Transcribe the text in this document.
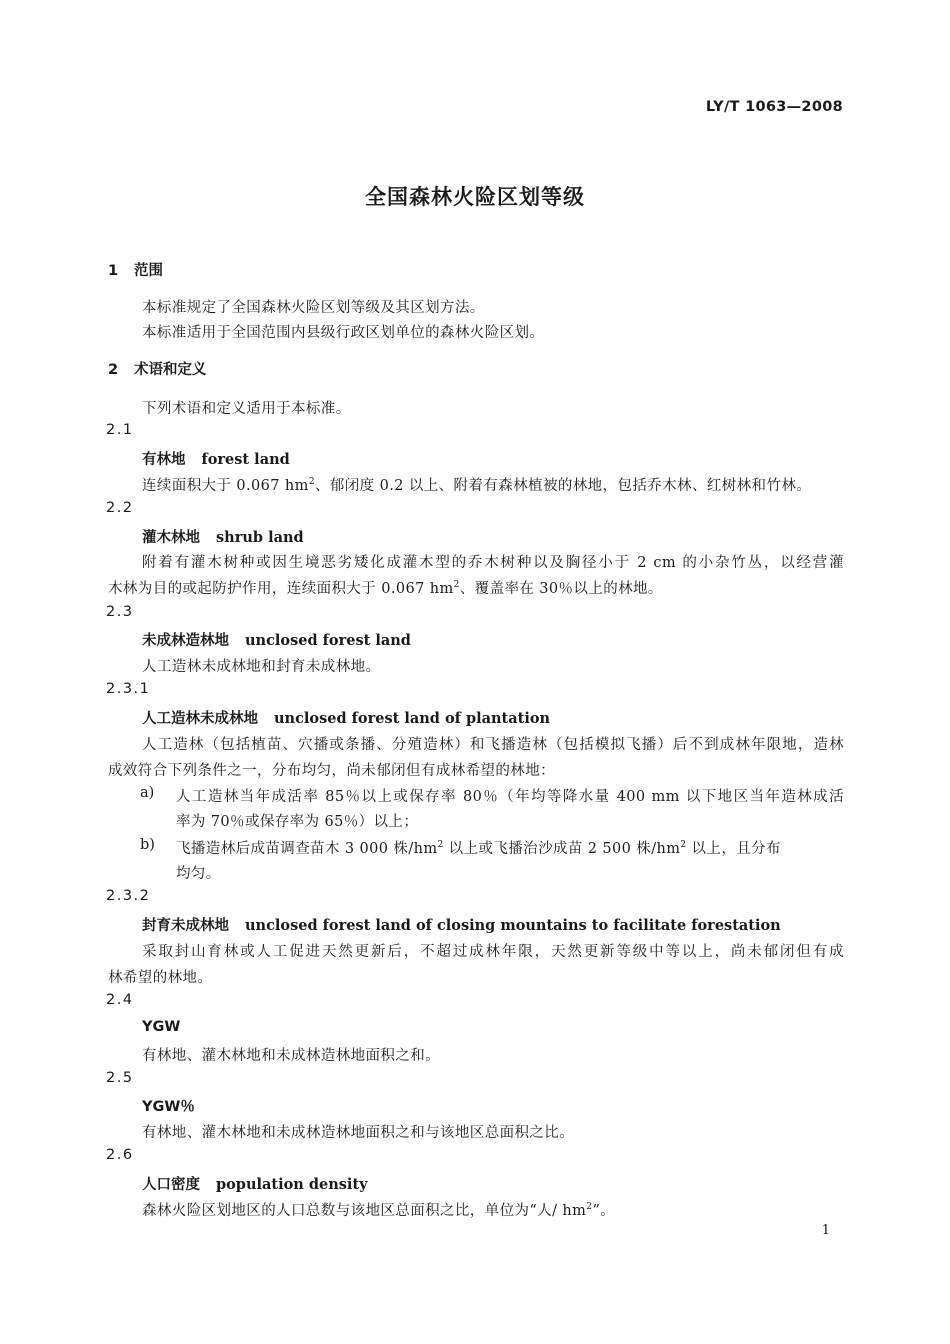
LY/T 1063—2008
全国森林火险区划等级
1 范围
本标准规定了全国森林火险区划等级及其区划方法。
本标准适用于全国范围内县级行政区划单位的森林火险区划。
2 术语和定义
下列术语和定义适用于本标准。
2.1
有林地 forest land
连续面积大于 0.067 $hm^2$、郁闭度 0.2 以上、附着有森林植被的林地，包括乔木林、红树林和竹林。
2.2
灌木林地 shrub land
附着有灌木树种或因生境恶劣矮化成灌木型的乔木树种以及胸径小于 2 cm 的小杂竹丛，以经营灌
木林为目的或起防护作用，连续面积大于 0.067 $hm^2$、覆盖率在 30％以上的林地。
2.3
未成林造林地 unclosed forest land
人工造林未成林地和封育未成林地。
2.3.1
人工造林未成林地 unclosed forest land of plantation
人工造林（包括植苗、穴播或条播、分殖造林）和飞播造林（包括模拟飞播）后不到成林年限地，造林
成效符合下列条件之一，分布均匀，尚未郁闭但有成林希望的林地：
a) 人工造林当年成活率 85％以上或保存率 80％（年均等降水量 400 mm 以下地区当年造林成活
率为 70％或保存率为 65％）以上；
b) 飞播造林后成苗调查苗木 3 000 株$/hm^2$ 以上或飞播治沙成苗 2 500 株$/hm^2$ 以上，且分布
均匀。
2.3.2
封育未成林地 unclosed forest land of closing mountains to facilitate forestation
采取封山育林或人工促进天然更新后，不超过成林年限，天然更新等级中等以上，尚未郁闭但有成
林希望的林地。
2.4
YGW
有林地、灌木林地和未成林造林地面积之和。
2.5
YGW％
有林地、灌木林地和未成林造林地面积之和与该地区总面积之比。
2.6
人口密度 population density
森林火险区划地区的人口总数与该地区总面积之比，单位为“人/ $hm^2$”。
1
